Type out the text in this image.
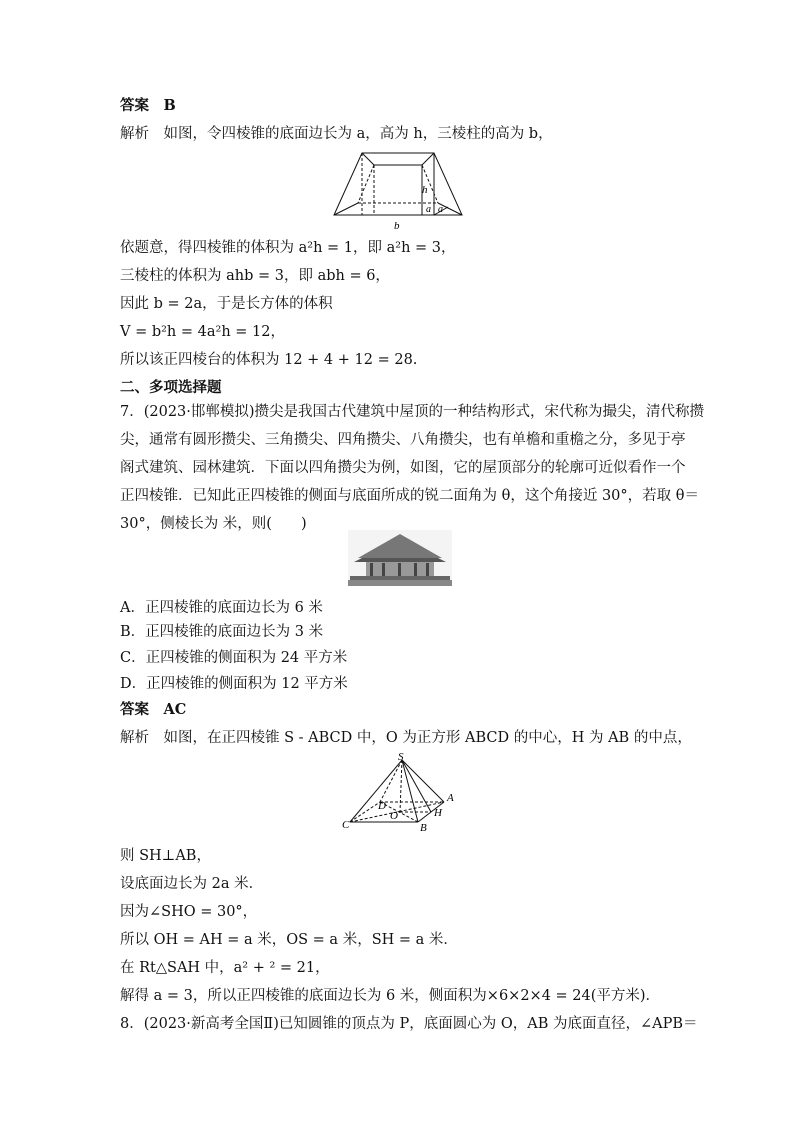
答案　B
解析　如图，令四棱锥的底面边长为 a，高为 h，三棱柱的高为 b，
h
a a
b
依题意，得四棱锥的体积为 a²h = 1，即 a²h = 3，
三棱柱的体积为 ahb = 3，即 abh = 6，
因此 b = 2a，于是长方体的体积
V = b²h = 4a²h = 12，
所以该正四棱台的体积为 12 + 4 + 12 = 28.
二、多项选择题
7．(2023·邯郸模拟)攒尖是我国古代建筑中屋顶的一种结构形式，宋代称为撮尖，清代称攒
尖，通常有圆形攒尖、三角攒尖、四角攒尖、八角攒尖，也有单檐和重檐之分，多见于亭
阁式建筑、园林建筑．下面以四角攒尖为例，如图，它的屋顶部分的轮廓可近似看作一个
正四棱锥．已知此正四棱锥的侧面与底面所成的锐二面角为 θ，这个角接近 30°，若取 θ＝
30°，侧棱长为 米，则(　　)
A．正四棱锥的底面边长为 6 米
B．正四棱锥的底面边长为 3 米
C．正四棱锥的侧面积为 24 平方米
D．正四棱锥的侧面积为 12 平方米
答案　AC
解析　如图，在正四棱锥 S - ABCD 中，O 为正方形 ABCD 的中心，H 为 AB 的中点，
S
A
B
C
D
O	H
则 SH⊥AB，
设底面边长为 2a 米．
因为∠SHO = 30°，
所以 OH = AH = a 米，OS = a 米，SH = a 米．
在 Rt△SAH 中，a² + ² = 21，
解得 a = 3，所以正四棱锥的底面边长为 6 米，侧面积为×6×2×4 = 24(平方米)．
8．(2023·新高考全国Ⅱ)已知圆锥的顶点为 P，底面圆心为 O，AB 为底面直径，∠APB＝
